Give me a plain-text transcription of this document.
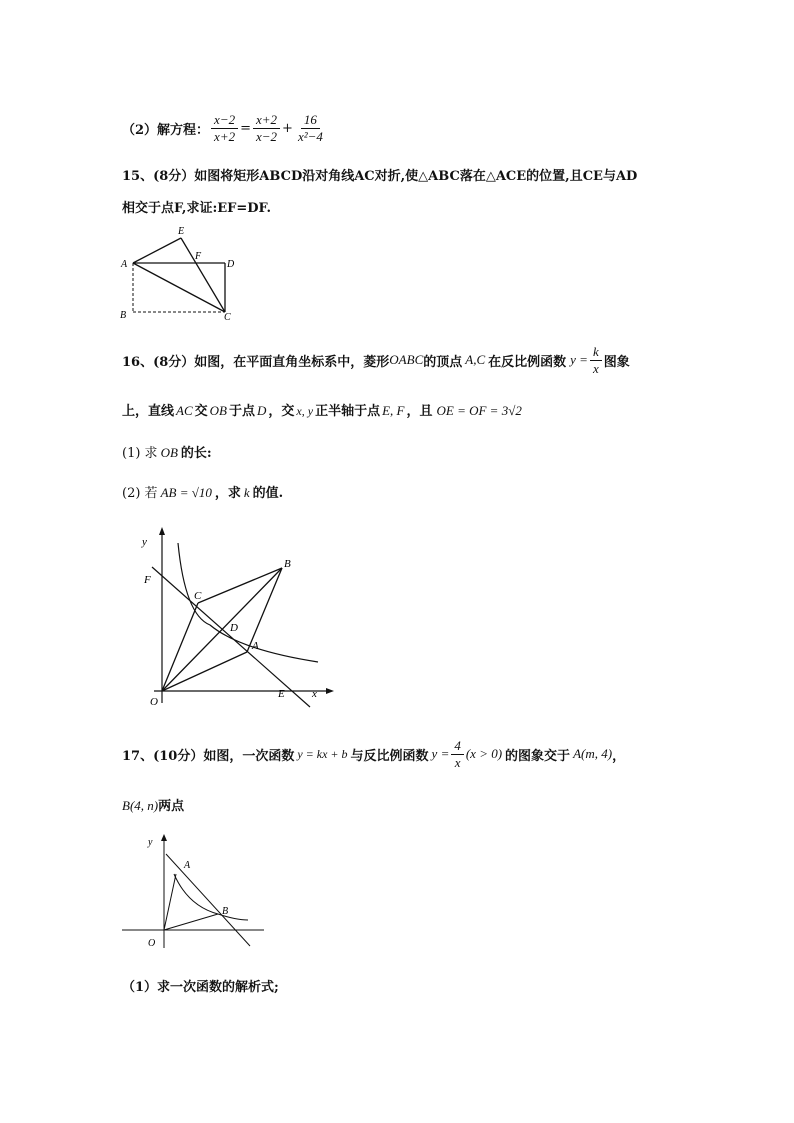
（2）解方程： $\frac{x-2}{x+2} = \frac{x+2}{x-2} + \frac{16}{\text{x²−4}}$
15、(8分）如图将矩形ABCD沿对角线AC对折,使△ABC落在△ACE的位置,且CE与AD
相交于点F,求证:EF=DF.
E
F
A	D
B	C
16、(8分）如图，在平面直角坐标系中，菱形 OABC 的顶点 A,C 在反比例函数 $y = \frac{k}{x}$ 图象
上，直线 AC 交 OB 于点 D ，交 x, y 正半轴于点 E, F ，且 OE = OF = 3√2
(1) 求 OB 的长:
(2) 若 AB = √10 ，求 k 的值.
y
F
C
B
D
A
O
E x
17、(10分）如图，一次函数 y = kx + b 与反比例函数 $y = \frac{4}{x} (x > 0)$ 的图象交于 A(m, 4) ，
B(4, n)两点
y
A
B
O
（1）求一次函数的解析式;
